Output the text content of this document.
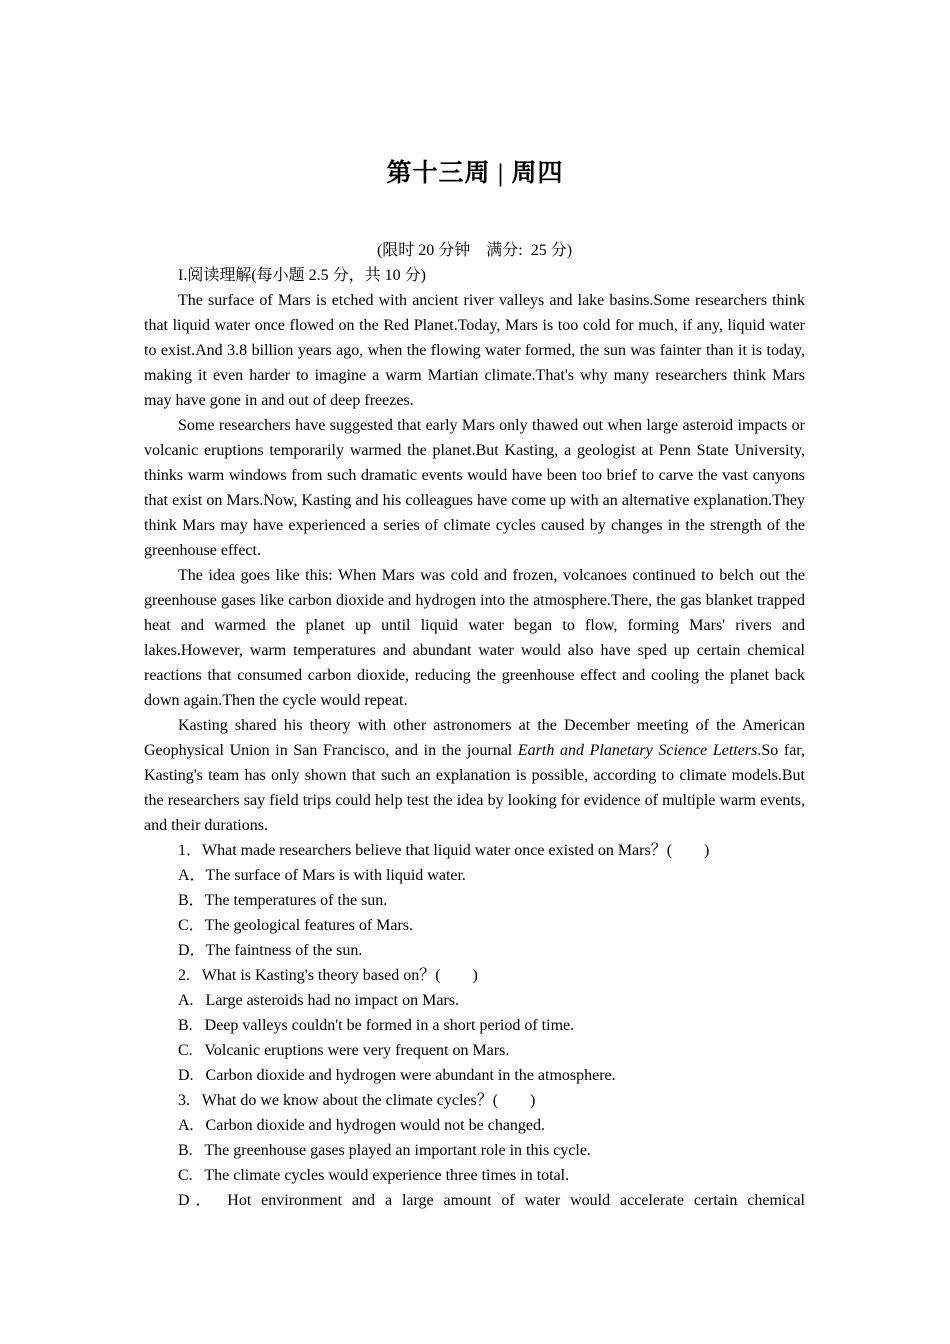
第十三周 | 周四
(限时 20 分钟    满分:  25 分)
I.阅读理解(每小题 2.5 分，共 10 分)

The surface of Mars is etched with ancient river valleys and lake basins.Some researchers think that liquid water once flowed on the Red Planet.Today, Mars is too cold for much, if any, liquid water to exist.And 3.8 billion years ago, when the flowing water formed, the sun was fainter than it is today, making it even harder to imagine a warm Martian climate.That's why many researchers think Mars may have gone in and out of deep freezes.

Some researchers have suggested that early Mars only thawed out when large asteroid impacts or volcanic eruptions temporarily warmed the planet.But Kasting, a geologist at Penn State University, thinks warm windows from such dramatic events would have been too brief to carve the vast canyons that exist on Mars.Now, Kasting and his colleagues have come up with an alternative explanation.They think Mars may have experienced a series of climate cycles caused by changes in the strength of the greenhouse effect.

The idea goes like this: When Mars was cold and frozen, volcanoes continued to belch out the greenhouse gases like carbon dioxide and hydrogen into the atmosphere.There, the gas blanket trapped heat and warmed the planet up until liquid water began to flow, forming Mars' rivers and lakes.However, warm temperatures and abundant water would also have sped up certain chemical reactions that consumed carbon dioxide, reducing the greenhouse effect and cooling the planet back down again.Then the cycle would repeat.

Kasting shared his theory with other astronomers at the December meeting of the American Geophysical Union in San Francisco, and in the journal Earth and Planetary Science Letters.So far, Kasting's team has only shown that such an explanation is possible, according to climate models.But the researchers say field trips could help test the idea by looking for evidence of multiple warm events, and their durations.

1．What made researchers believe that liquid water once existed on Mars？(　　)
A．The surface of Mars is with liquid water.
B．The temperatures of the sun.
C．The geological features of Mars.
D．The faintness of the sun.
2.   What is Kasting's theory based on？(　　)
A.   Large asteroids had no impact on Mars.
B.   Deep valleys couldn't be formed in a short period of time.
C.   Volcanic eruptions were very frequent on Mars.
D.   Carbon dioxide and hydrogen were abundant in the atmosphere.
3.   What do we know about the climate cycles？(　　)
A.   Carbon dioxide and hydrogen would not be changed.
B.   The greenhouse gases played an important role in this cycle.
C.   The climate cycles would experience three times in total.
D． Hot environment and a large amount of water would accelerate certain chemical
